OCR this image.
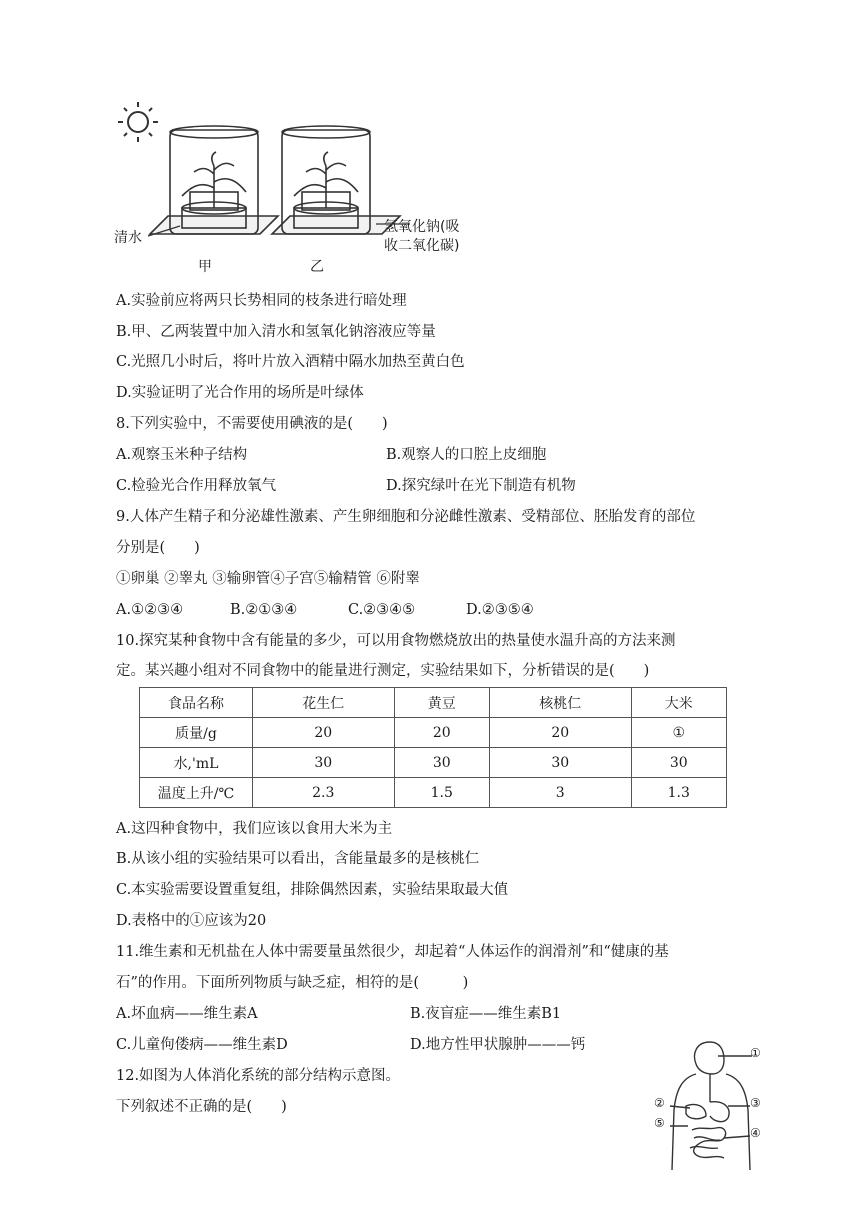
清水
氢氧化钠(吸
收二氧化碳)
甲	乙
A.实验前应将两只长势相同的枝条进行暗处理
B.甲、乙两装置中加入清水和氢氧化钠溶液应等量
C.光照几小时后，将叶片放入酒精中隔水加热至黄白色
D.实验证明了光合作用的场所是叶绿体
8.下列实验中，不需要使用碘液的是(　　)
A.观察玉米种子结构	B.观察人的口腔上皮细胞
C.检验光合作用释放氧气	D.探究绿叶在光下制造有机物
9.人体产生精子和分泌雄性激素、产生卵细胞和分泌雌性激素、受精部位、胚胎发育的部位
分别是(　　)
①卵巢 ②睾丸 ③输卵管④子宫⑤输精管 ⑥附睾
A.①②③④	B.②①③④	C.②③④⑤	D.②③⑤④
10.探究某种食物中含有能量的多少，可以用食物燃烧放出的热量使水温升高的方法来测
定。某兴趣小组对不同食物中的能量进行测定，实验结果如下，分析错误的是(　　)
食品名称	花生仁	黄豆	核桃仁	大米
质量/g	20	20	20	①
水,'mL	30	30	30	30
温度上升/℃	2.3	1.5	3	1.3
A.这四种食物中，我们应该以食用大米为主
B.从该小组的实验结果可以看出，含能量最多的是核桃仁
C.本实验需要设置重复组，排除偶然因素，实验结果取最大值
D.表格中的①应该为20
11.维生素和无机盐在人体中需要量虽然很少，却起着“人体运作的润滑剂”和“健康的基
石”的作用。下面所列物质与缺乏症，相符的是(　　　)
A.坏血病——维生素A	B.夜盲症——维生素B1
C.儿童佝偻病——维生素D	D.地方性甲状腺肿———钙
12.如图为人体消化系统的部分结构示意图。
下列叙述不正确的是(　　)
①
②	③
⑤
④
